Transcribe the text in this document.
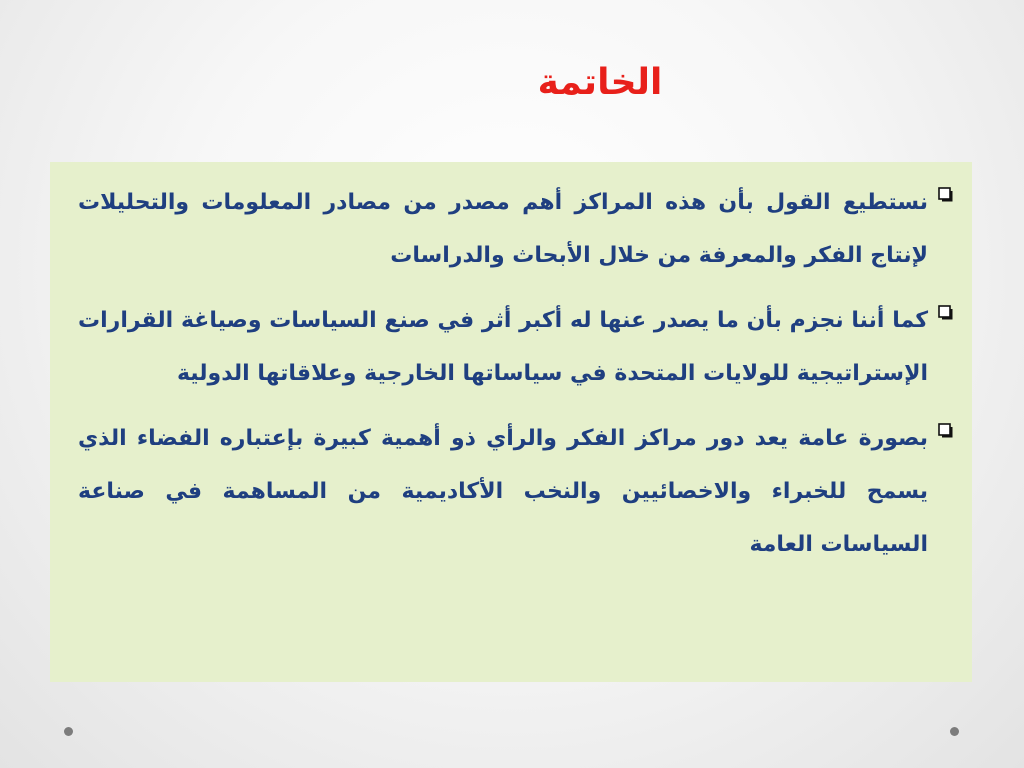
الخاتمة
نستطيع القول بأن هذه المراكز أهم مصدر من مصادر المعلومات والتحليلات لإنتاج الفكر والمعرفة من خلال الأبحاث والدراسات
كما أننا نجزم بأن ما يصدر عنها له أكبر أثر في صنع السياسات وصياغة القرارات الإستراتيجية للولايات المتحدة في سياساتها الخارجية وعلاقاتها الدولية
بصورة عامة يعد دور مراكز الفكر والرأي ذو أهمية كبيرة بإعتباره الفضاء الذي يسمح للخبراء والاخصائيين والنخب الأكاديمية من المساهمة في صناعة السياسات العامة
